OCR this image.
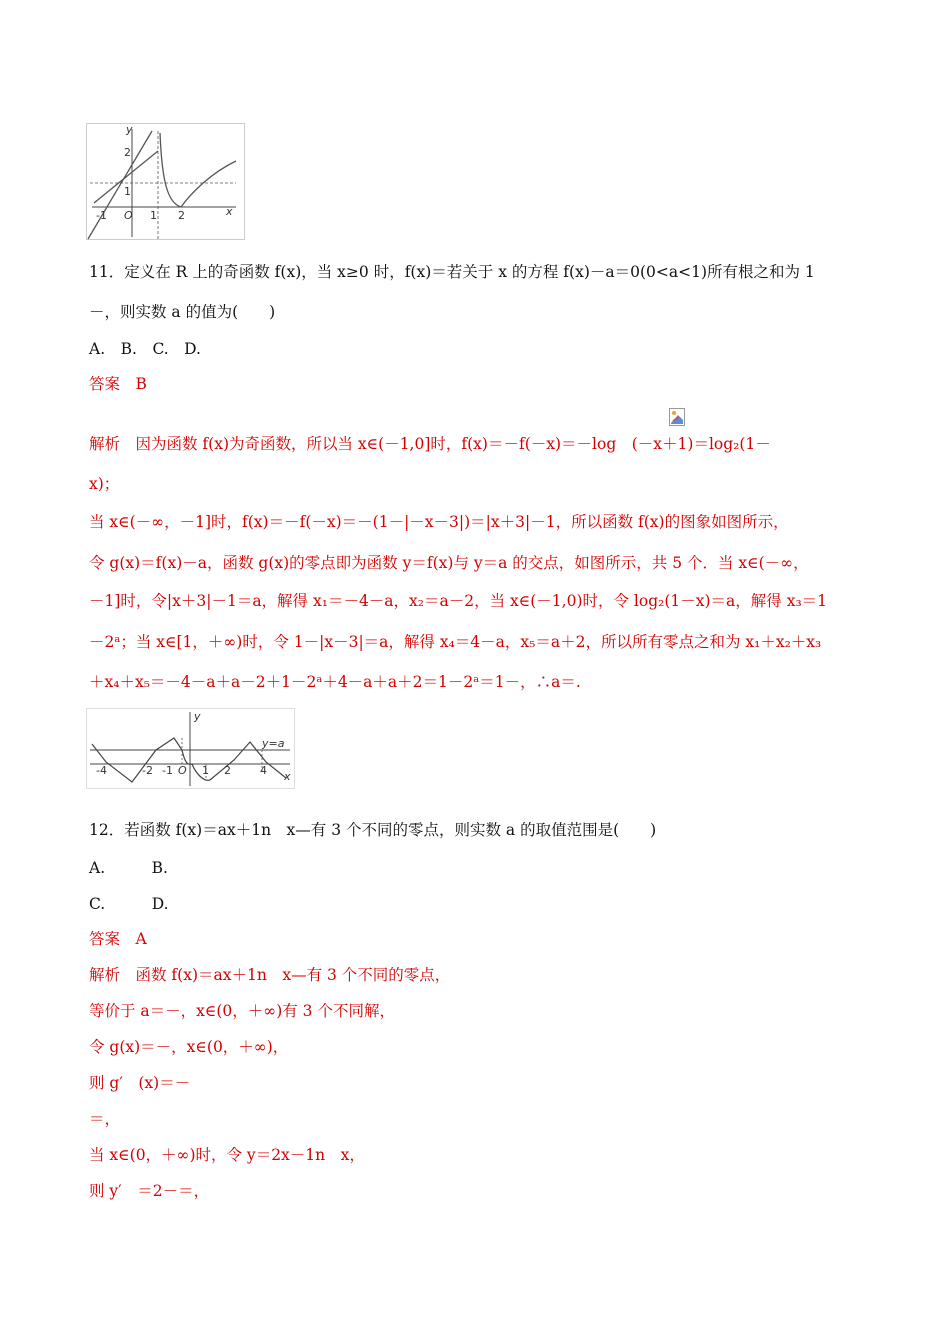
y
x
2
1
-1 O 1 2
11．定义在 R 上的奇函数 f(x)，当 x≥0 时，f(x)＝若关于 x 的方程 f(x)－a＝0(0<a<1)所有根之和为 1
－，则实数 a 的值为(　　)
A.　B.　C.　D.
答案　 B
解析　因为函数 f(x)为奇函数，所以当 x∈(－1,0]时，f(x)＝－f(－x)＝－log　(－x＋1)＝log₂(1－
x)；
当 x∈(－∞，－1]时，f(x)＝－f(－x)＝－(1－|－x－3|)＝|x＋3|－1，所以函数 f(x)的图象如图所示，
令 g(x)＝f(x)－a，函数 g(x)的零点即为函数 y＝f(x)与 y＝a 的交点，如图所示，共 5 个．当 x∈(－∞，
－1]时，令|x＋3|－1＝a，解得 x₁＝－4－a，x₂＝a－2，当 x∈(－1,0)时，令 log₂(1－x)＝a，解得 x₃＝1
－2ᵃ；当 x∈[1，＋∞)时，令 1－|x－3|＝a，解得 x₄＝4－a，x₅＝a＋2，所以所有零点之和为 x₁＋x₂＋x₃
＋x₄＋x₅＝－4－a＋a－2＋1－2ᵃ＋4－a＋a＋2＝1－2ᵃ＝1－，∴a＝.
y
x
y=a
-4	-2 -1 O 1 2	4
12．若函数 f(x)＝ax＋1n　x—有 3 个不同的零点，则实数 a 的取值范围是(　　)
A.　　　B.
C.　　　D.
答案　 A
解析　函数 f(x)＝ax＋1n　x—有 3 个不同的零点，
等价于 a＝－，x∈(0，＋∞)有 3 个不同解，
令 g(x)＝－，x∈(0，＋∞)，
则 g′　(x)＝－
＝，
当 x∈(0，＋∞)时，令 y＝2x－1n　x，
则 y′　＝2－＝，
